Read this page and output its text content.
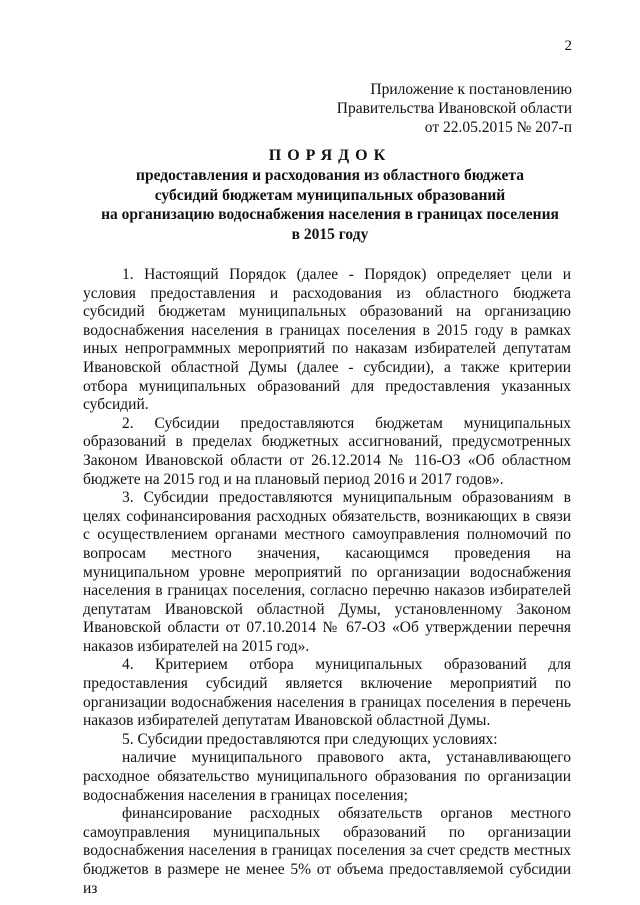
2
Приложение к постановлению
Правительства Ивановской области
от 22.05.2015 № 207-п
ПОРЯДОК
предоставления и расходования из областного бюджета
субсидий бюджетам муниципальных образований
на организацию водоснабжения населения в границах поселения
в 2015 году

1. Настоящий Порядок (далее - Порядок) определяет цели и условия предоставления и расходования из областного бюджета субсидий бюджетам муниципальных образований на организацию водоснабжения населения в границах поселения в 2015 году в рамках иных непрограммных мероприятий по наказам избирателей депутатам Ивановской областной Думы (далее - субсидии), а также критерии отбора муниципальных образований для предоставления указанных субсидий.

2. Субсидии предоставляются бюджетам муниципальных образований в пределах бюджетных ассигнований, предусмотренных Законом Ивановской области от 26.12.2014 № 116-ОЗ «Об областном бюджете на 2015 год и на плановый период 2016 и 2017 годов».

3. Субсидии предоставляются муниципальным образованиям в целях софинансирования расходных обязательств, возникающих в связи с осуществлением органами местного самоуправления полномочий по вопросам местного значения, касающимся проведения на муниципальном уровне мероприятий по организации водоснабжения населения в границах поселения, согласно перечню наказов избирателей депутатам Ивановской областной Думы, установленному Законом Ивановской области от 07.10.2014 № 67-ОЗ «Об утверждении перечня наказов избирателей на 2015 год».

4. Критерием отбора муниципальных образований для предоставления субсидий является включение мероприятий по организации водоснабжения населения в границах поселения в перечень наказов избирателей депутатам Ивановской областной Думы.

5. Субсидии предоставляются при следующих условиях:

наличие муниципального правового акта, устанавливающего расходное обязательство муниципального образования по организации водоснабжения населения в границах поселения;

финансирование расходных обязательств органов местного самоуправления муниципальных образований по организации водоснабжения населения в границах поселения за счет средств местных бюджетов в размере не менее 5% от объема предоставляемой субсидии из
